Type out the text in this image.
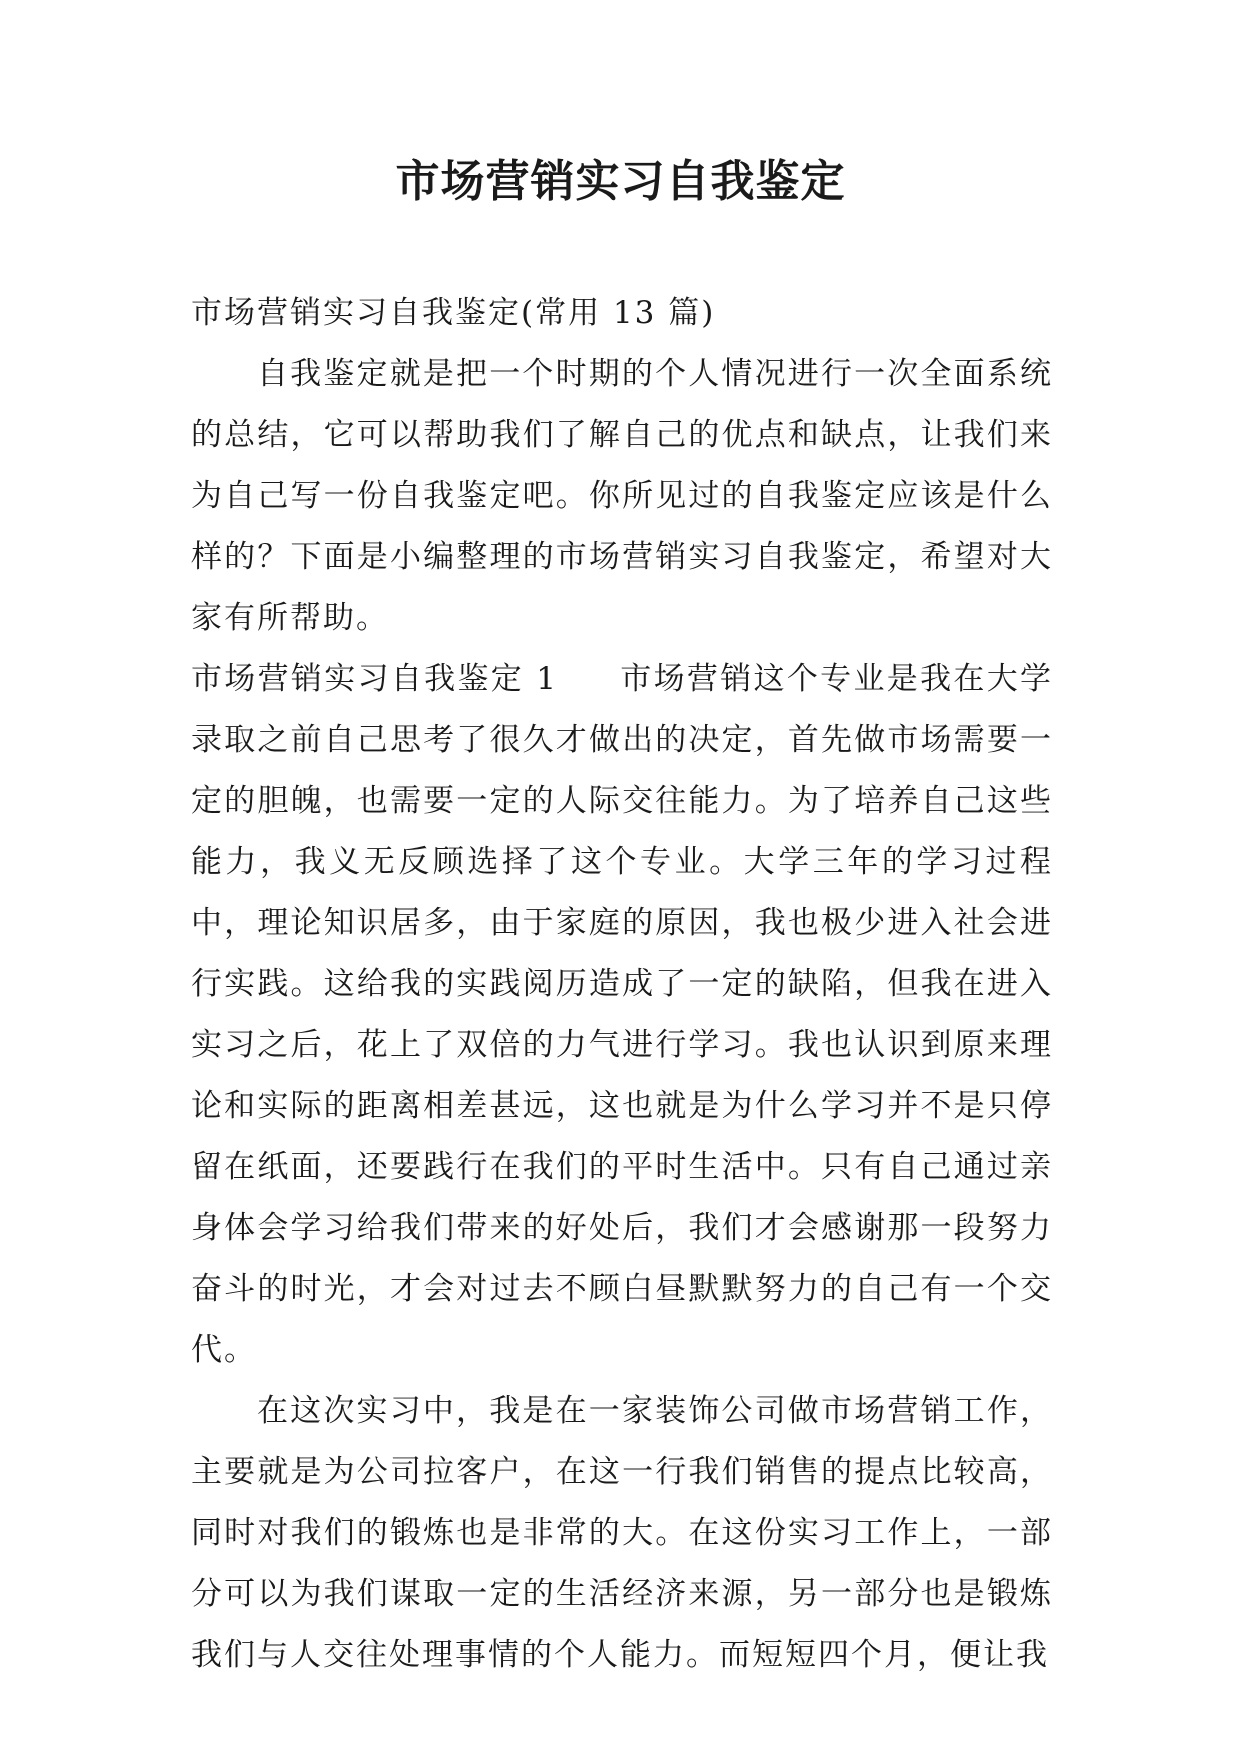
市场营销实习自我鉴定

市场营销实习自我鉴定(常用 13 篇)

自我鉴定就是把一个时期的个人情况进行一次全面系统的总结，它可以帮助我们了解自己的优点和缺点，让我们来为自己写一份自我鉴定吧。你所见过的自我鉴定应该是什么样的？下面是小编整理的市场营销实习自我鉴定，希望对大家有所帮助。

市场营销实习自我鉴定 1 市场营销这个专业是我在大学录取之前自己思考了很久才做出的决定，首先做市场需要一定的胆魄，也需要一定的人际交往能力。为了培养自己这些能力，我义无反顾选择了这个专业。大学三年的学习过程中，理论知识居多，由于家庭的原因，我也极少进入社会进行实践。这给我的实践阅历造成了一定的缺陷，但我在进入实习之后，花上了双倍的力气进行学习。我也认识到原来理论和实际的距离相差甚远，这也就是为什么学习并不是只停留在纸面，还要践行在我们的平时生活中。只有自己通过亲身体会学习给我们带来的好处后，我们才会感谢那一段努力奋斗的时光，才会对过去不顾白昼默默努力的自己有一个交代。

在这次实习中，我是在一家装饰公司做市场营销工作，主要就是为公司拉客户，在这一行我们销售的提点比较高，同时对我们的锻炼也是非常的大。在这份实习工作上，一部分可以为我们谋取一定的生活经济来源，另一部分也是锻炼我们与人交往处理事情的个人能力。而短短四个月，便让我
